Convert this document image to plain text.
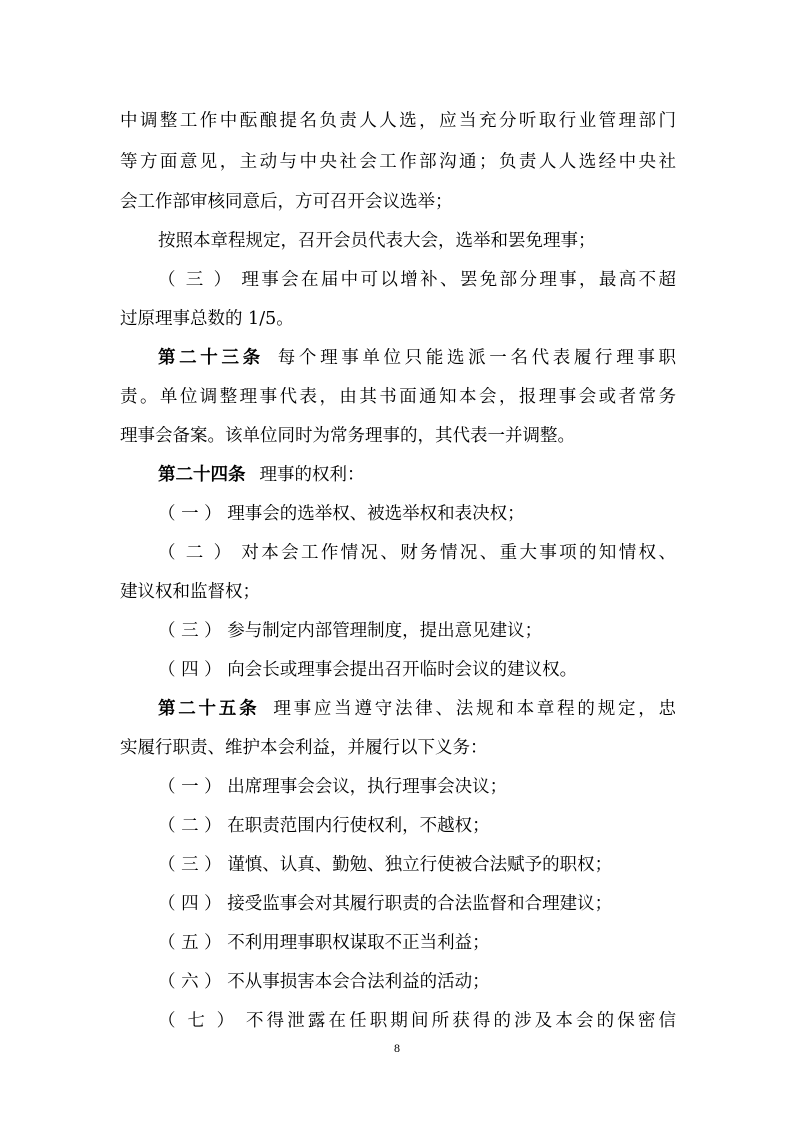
中调整工作中酝酿提名负责人人选，应当充分听取行业管理部门
等方面意见，主动与中央社会工作部沟通；负责人人选经中央社
会工作部审核同意后，方可召开会议选举；
按照本章程规定，召开会员代表大会，选举和罢免理事；
（ 三 ） 理事会在届中可以增补、罢免部分理事，最高不超
过原理事总数的 1/5。
第二十三条 每个理事单位只能选派一名代表履行理事职
责。单位调整理事代表，由其书面通知本会，报理事会或者常务
理事会备案。该单位同时为常务理事的，其代表一并调整。
第二十四条 理事的权利：
（ 一 ） 理事会的选举权、被选举权和表决权；
（ 二 ） 对本会工作情况、财务情况、重大事项的知情权、
建议权和监督权；
（ 三 ） 参与制定内部管理制度，提出意见建议；
（ 四 ） 向会长或理事会提出召开临时会议的建议权。
第二十五条 理事应当遵守法律、法规和本章程的规定，忠
实履行职责、维护本会利益，并履行以下义务：
（ 一 ） 出席理事会会议，执行理事会决议；
（ 二 ） 在职责范围内行使权利，不越权；
（ 三 ） 谨慎、认真、勤勉、独立行使被合法赋予的职权；
（ 四 ） 接受监事会对其履行职责的合法监督和合理建议；
（ 五 ） 不利用理事职权谋取不正当利益；
（ 六 ） 不从事损害本会合法利益的活动；
（ 七 ） 不得泄露在任职期间所获得的涉及本会的保密信
8
